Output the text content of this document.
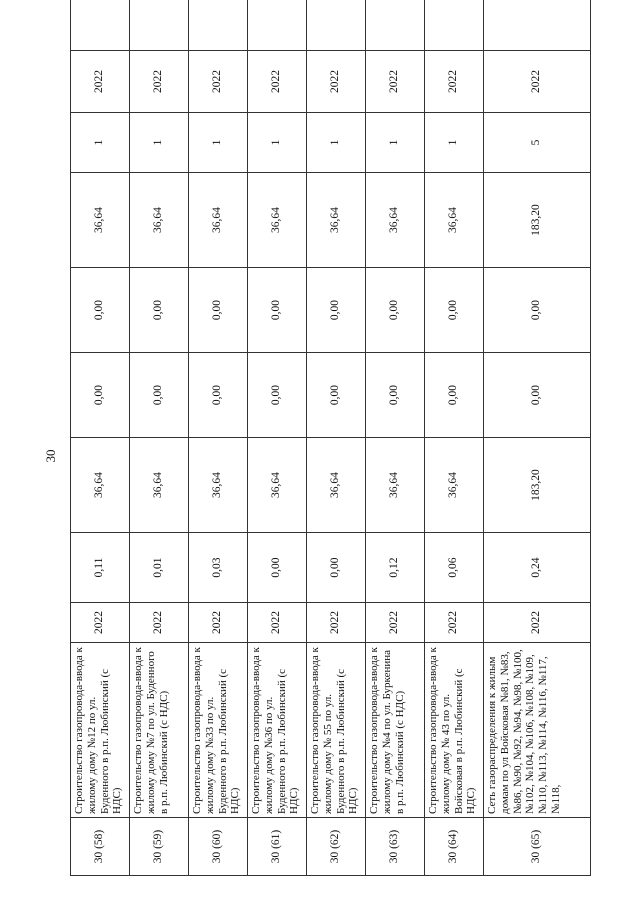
30
30 (58)	Строительство газопровода-ввода к жилому дому №12 по ул. Буденного в р.п. Любинский (с НДС)	2022	0,11	36,64	0,00	0,00	36,64	1	2022	
30 (59)	Строительство газопровода-ввода к жилому дому №7 по ул. Буденного в р.п. Любинский (с НДС)	2022	0,01	36,64	0,00	0,00	36,64	1	2022	
30 (60)	Строительство газопровода-ввода к жилому дому №33 по ул. Буденного в р.п. Любинский (с НДС)	2022	0,03	36,64	0,00	0,00	36,64	1	2022	
30 (61)	Строительство газопровода-ввода к жилому дому №36 по ул. Буденного в р.п. Любинский (с НДС)	2022	0,00	36,64	0,00	0,00	36,64	1	2022	
30 (62)	Строительство газопровода-ввода к жилому дому № 55 по ул. Буденного в р.п. Любинский (с НДС)	2022	0,00	36,64	0,00	0,00	36,64	1	2022	
30 (63)	Строительство газопровода-ввода к жилому дому №4 по ул. Буркенина в р.п. Любинский (с НДС)	2022	0,12	36,64	0,00	0,00	36,64	1	2022	
30 (64)	Строительство газопровода-ввода к жилому дому № 43 по ул. Войсковая в р.п. Любинский (с НДС)	2022	0,06	36,64	0,00	0,00	36,64	1	2022	
30 (65)	Сеть газораспределения к жилым домам по ул Войсковая №81, №83, №86, №90, №92, №94, №98, №100, №102, №104, №106, №108, №109, №110, №113, №114, №116, №117, №118,	2022	0,24	183,20	0,00	0,00	183,20	5	2022	
